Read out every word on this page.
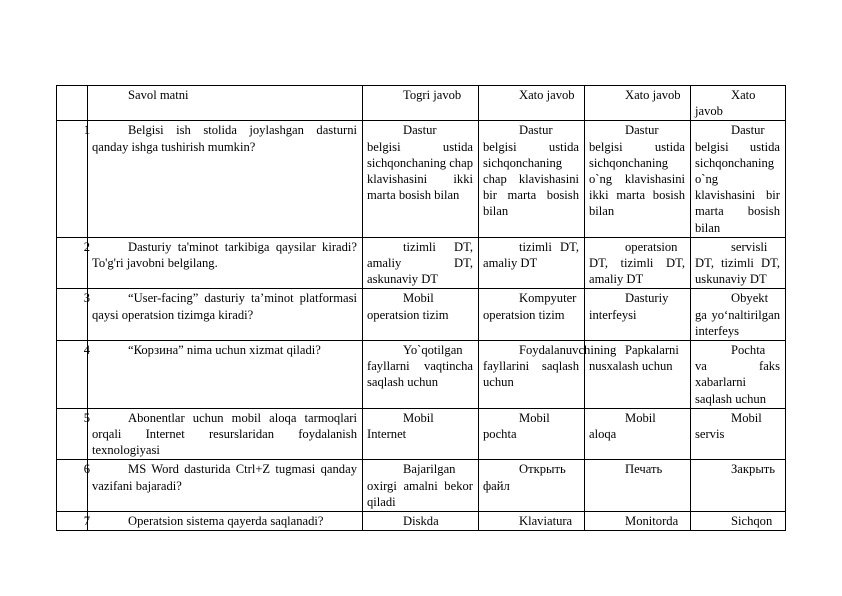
	Savol matni	Togri javob	Xato javob	Xato javob	Xato javob

1	Belgisi ish stolida joylashgan dasturni qanday ishga tushirish mumkin?	Dastur belgisi ustida sichqonchaning chap klavishasini ikki marta bosish bilan	Dastur belgisi ustida sichqonchaning chap klavishasini bir marta bosish bilan	Dastur belgisi ustida sichqonchaning o`ng klavishasini ikki marta bosish bilan	Dastur belgisi ustida sichqonchaning o`ng klavishasini bir marta bosish bilan

2	Dasturiy ta'minot tarkibiga qaysilar kiradi? To'g'ri javobni belgilang.	tizimli DT, amaliy DT, askunaviy DT	tizimli DT, amaliy DT	operatsion DT, tizimli DT, amaliy DT	servisli DT, tizimli DT, uskunaviy DT

3	“User-facing” dasturiy ta’minot platformasi qaysi operatsion tizimga kiradi?	Mobil operatsion tizim	Kompyuter operatsion tizim	Dasturiy interfeysi	Obyekt ga yo‘naltirilgan interfeys

4	“Корзина” nima uchun xizmat qiladi?	Yo`qotilgan fayllarni vaqtincha saqlash uchun	Foydalanuvchining fayllarini saqlash uchun	Papkalarni nusxalash uchun	Pochta va faks xabarlarni saqlash uchun

5	Abonentlar uchun mobil aloqa tarmoqlari orqali Internet resurslaridan foydalanish texnologiyasi	Mobil Internet	Mobil pochta	Mobil aloqa	Mobil servis

6	MS Word dasturida Ctrl+Z tugmasi qanday vazifani bajaradi?	Bajarilgan oxirgi amalni bekor qiladi	Открыть файл	Печать	Закрыть

7	Operatsion sistema qayerda saqlanadi?	Diskda	Klaviatura	Monitorda	Sichqon
